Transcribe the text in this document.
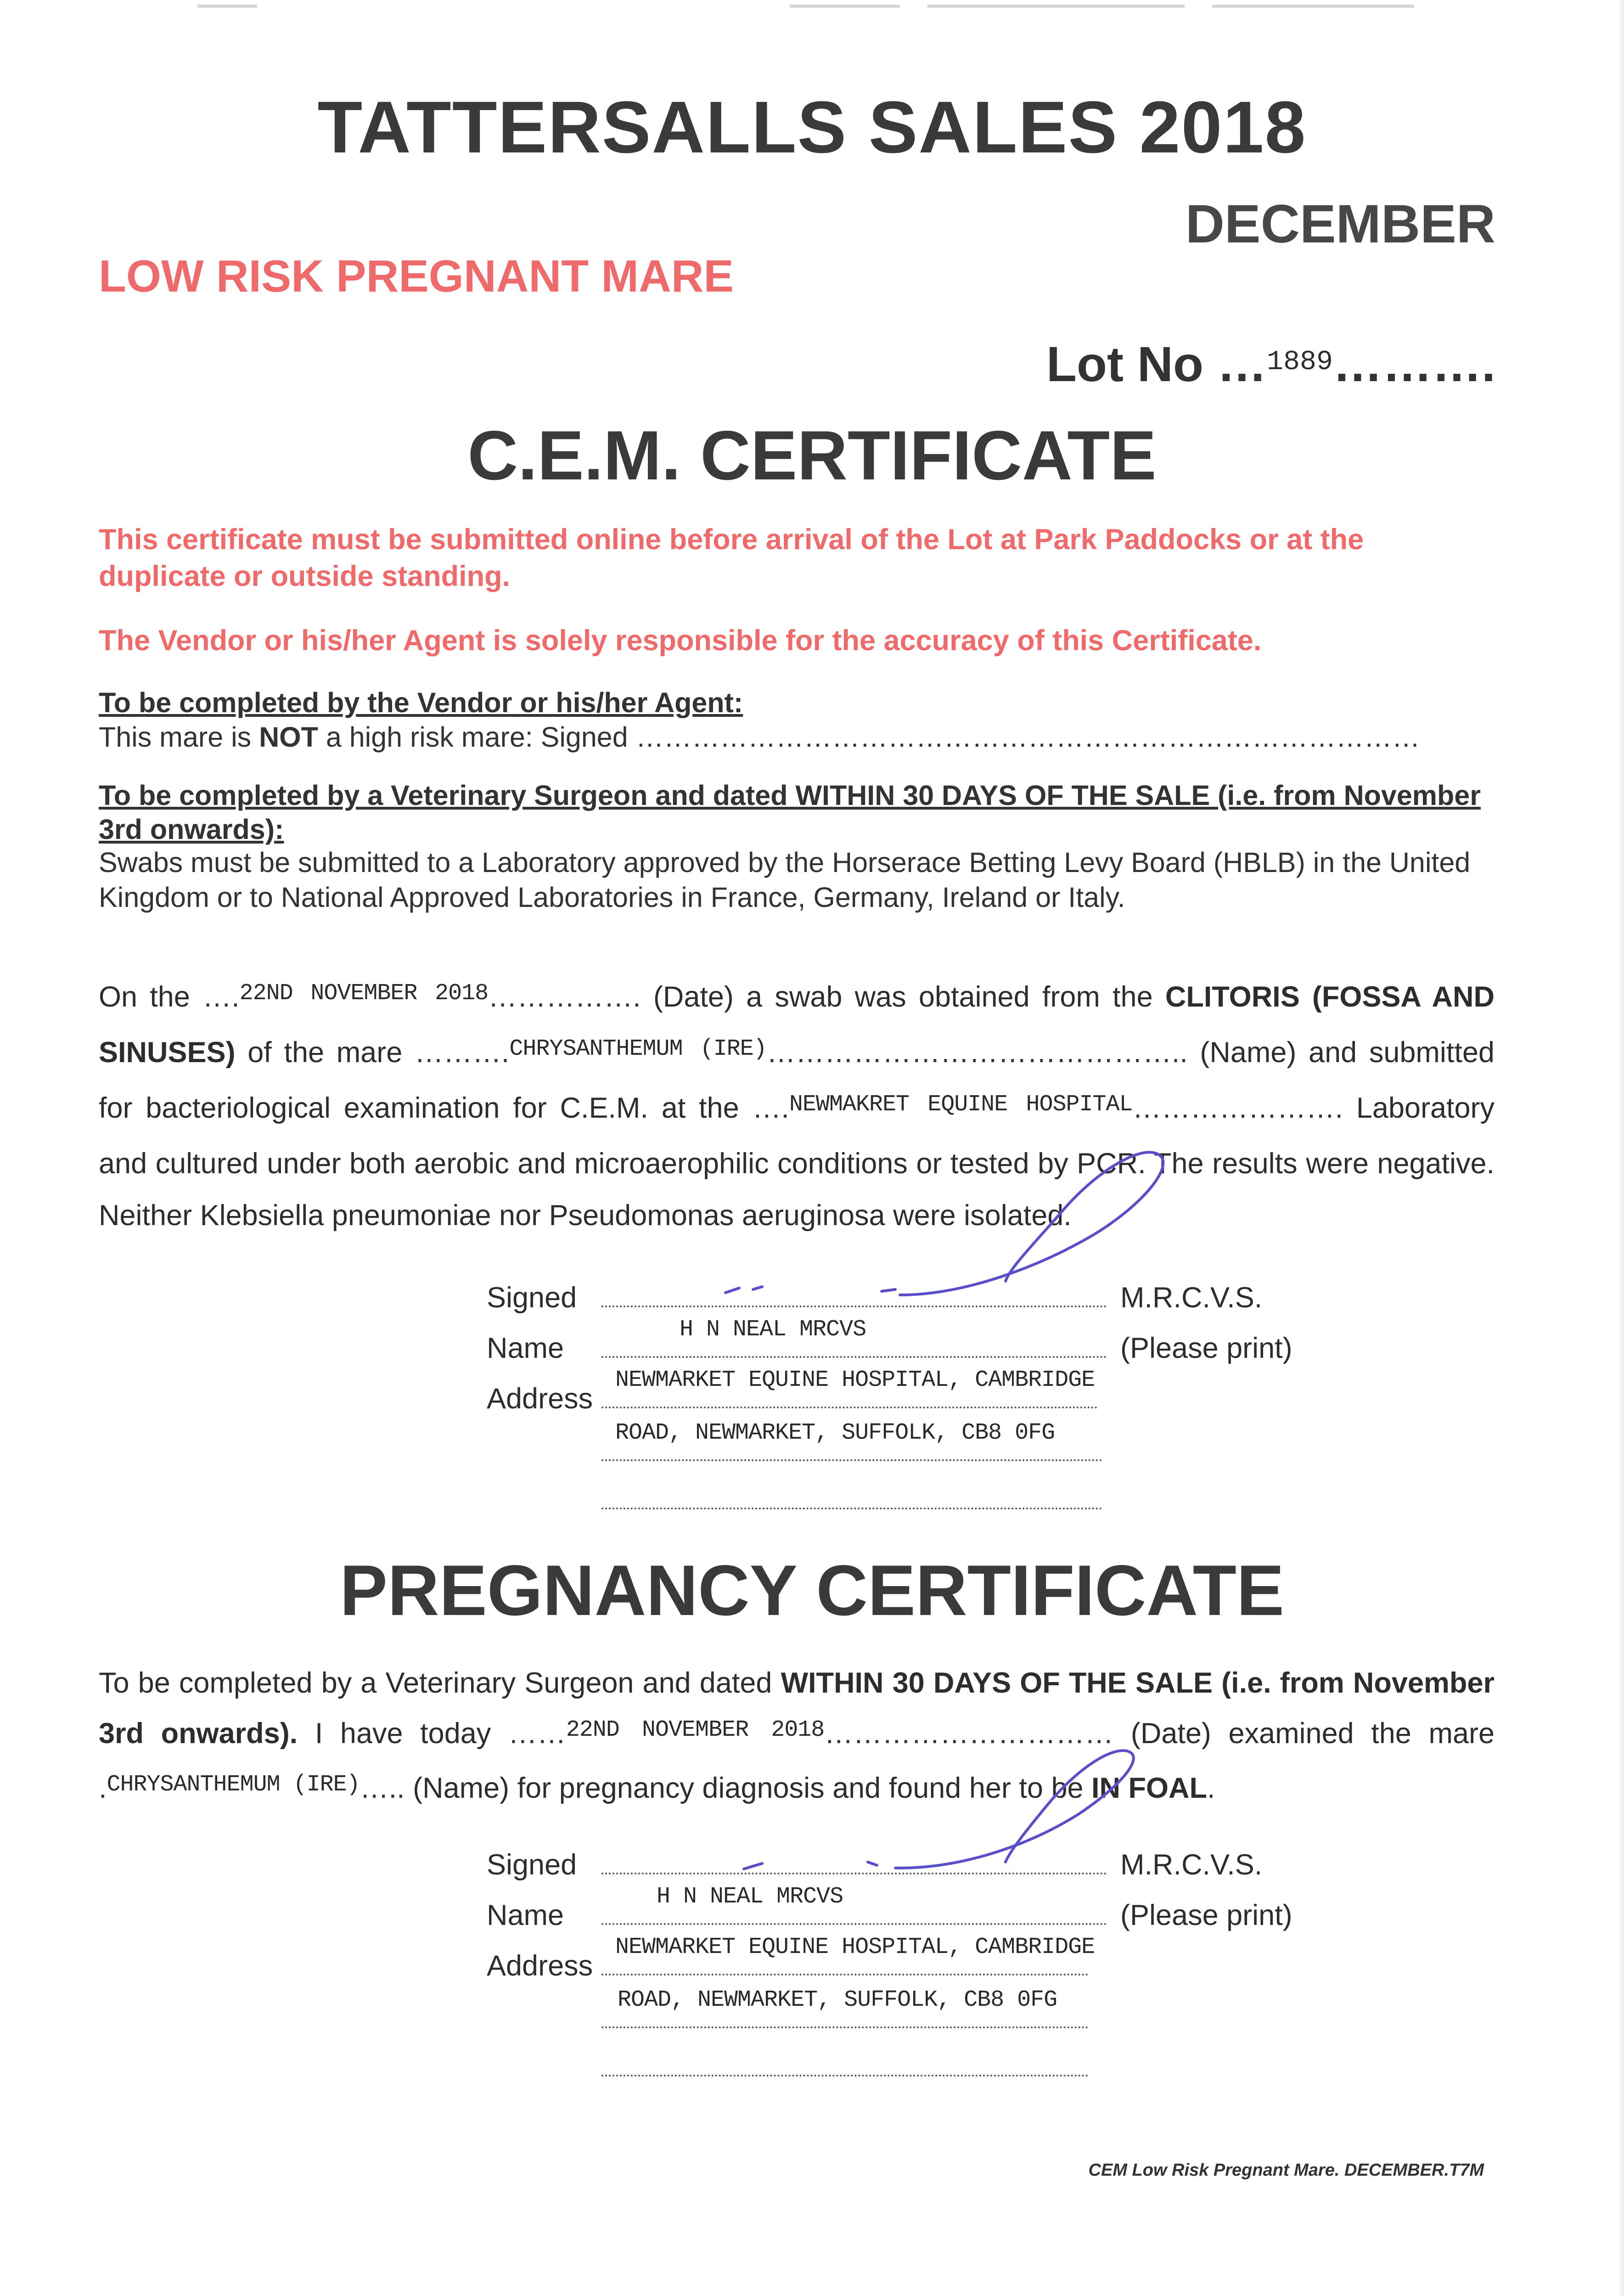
TATTERSALLS SALES 2018
DECEMBER
LOW RISK PREGNANT MARE
Lot No …$^{1889}$……….
C.E.M. CERTIFICATE
This certificate must be submitted online before arrival of the Lot at Park Paddocks or at the duplicate or outside standing.
The Vendor or his/her Agent is solely responsible for the accuracy of this Certificate.
To be completed by the Vendor or his/her Agent:
This mare is NOT a high risk mare: Signed …………………………………………………………………………
To be completed by a Veterinary Surgeon and dated WITHIN 30 DAYS OF THE SALE (i.e. from November 3rd onwards):
Swabs must be submitted to a Laboratory approved by the Horserace Betting Levy Board (HBLB) in the United Kingdom or to National Approved Laboratories in France, Germany, Ireland or Italy.
On the ….$^{22ND NOVEMBER 2018}$……………. (Date) a swab was obtained from the CLITORIS (FOSSA AND SINUSES) of the mare ……….$^{CHRYSANTHEMUM (IRE)}$…………………………………….. (Name) and submitted for bacteriological examination for C.E.M. at the ….$^{NEWMAKRET EQUINE HOSPITAL}$…………………. Laboratory and cultured under both aerobic and microaerophilic conditions or tested by PCR. The results were negative. Neither Klebsiella pneumoniae nor Pseudomonas aeruginosa were isolated.
Signed	M.R.C.V.S.
Name
H N NEAL MRCVS
(Please print)
Address
NEWMARKET EQUINE HOSPITAL, CAMBRIDGE
ROAD, NEWMARKET, SUFFOLK, CB8 0FG
PREGNANCY CERTIFICATE
To be completed by a Veterinary Surgeon and dated WITHIN 30 DAYS OF THE SALE (i.e. from November 3rd onwards). I have today ……$^{22ND NOVEMBER 2018}$………………………… (Date) examined the mare .$^{CHRYSANTHEMUM (IRE)}$….. (Name) for pregnancy diagnosis and found her to be IN FOAL.
Signed	M.R.C.V.S.
Name
H N NEAL MRCVS
(Please print)
Address
NEWMARKET EQUINE HOSPITAL, CAMBRIDGE
ROAD, NEWMARKET, SUFFOLK, CB8 0FG
CEM Low Risk Pregnant Mare. DECEMBER.T7M
